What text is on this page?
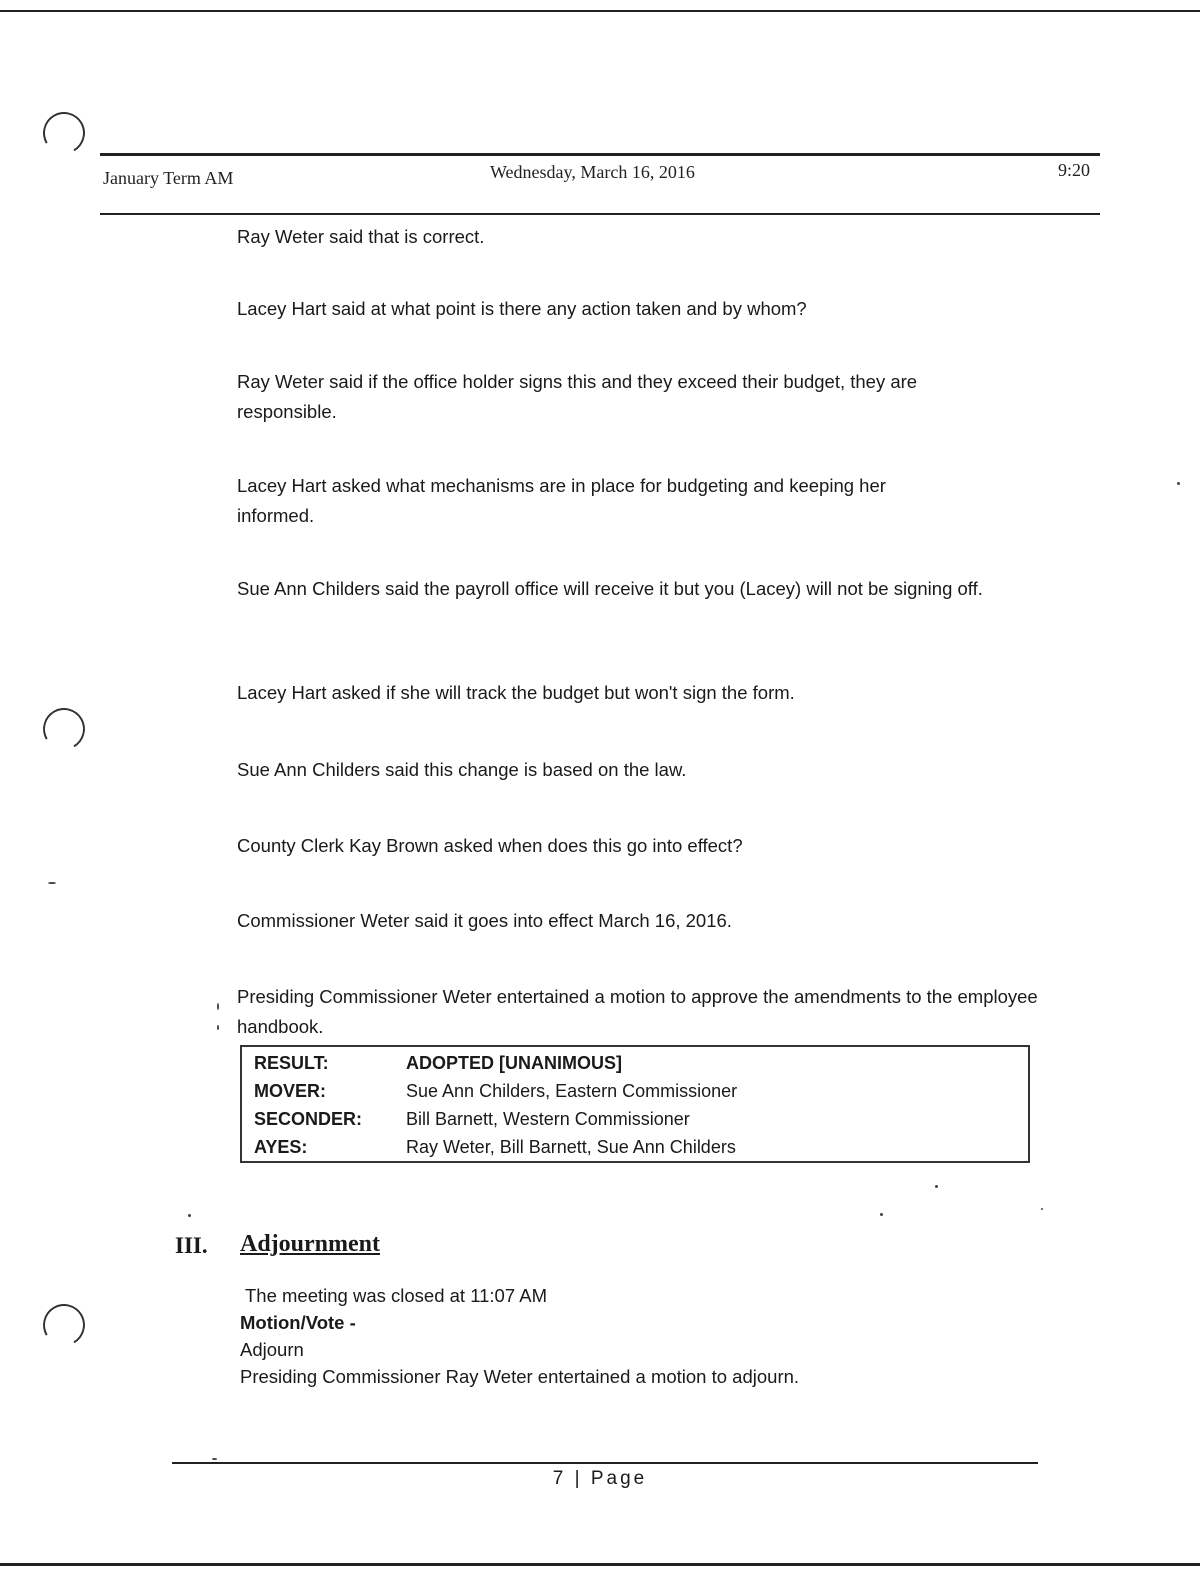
January Term AM	Wednesday, March 16, 2016	9:20
Ray Weter said that is correct.
Lacey Hart said at what point is there any action taken and by whom?
Ray Weter said if the office holder signs this and they exceed their budget, they are responsible.
Lacey Hart asked what mechanisms are in place for budgeting and keeping her informed.
Sue Ann Childers said the payroll office will receive it but you (Lacey) will not be signing off.
Lacey Hart asked if she will track the budget but won't sign the form.
Sue Ann Childers said this change is based on the law.
County Clerk Kay Brown asked when does this go into effect?
Commissioner Weter said it goes into effect March 16, 2016.
Presiding Commissioner Weter entertained a motion to approve the amendments to the employee handbook.
RESULT:	ADOPTED [UNANIMOUS]
MOVER:	Sue Ann Childers, Eastern Commissioner
SECONDER: Bill Barnett, Western Commissioner
AYES:	Ray Weter, Bill Barnett, Sue Ann Childers
III. Adjournment
The meeting was closed at 11:07 AM
Motion/Vote -
Adjourn
Presiding Commissioner Ray Weter entertained a motion to adjourn.
7 | Page
